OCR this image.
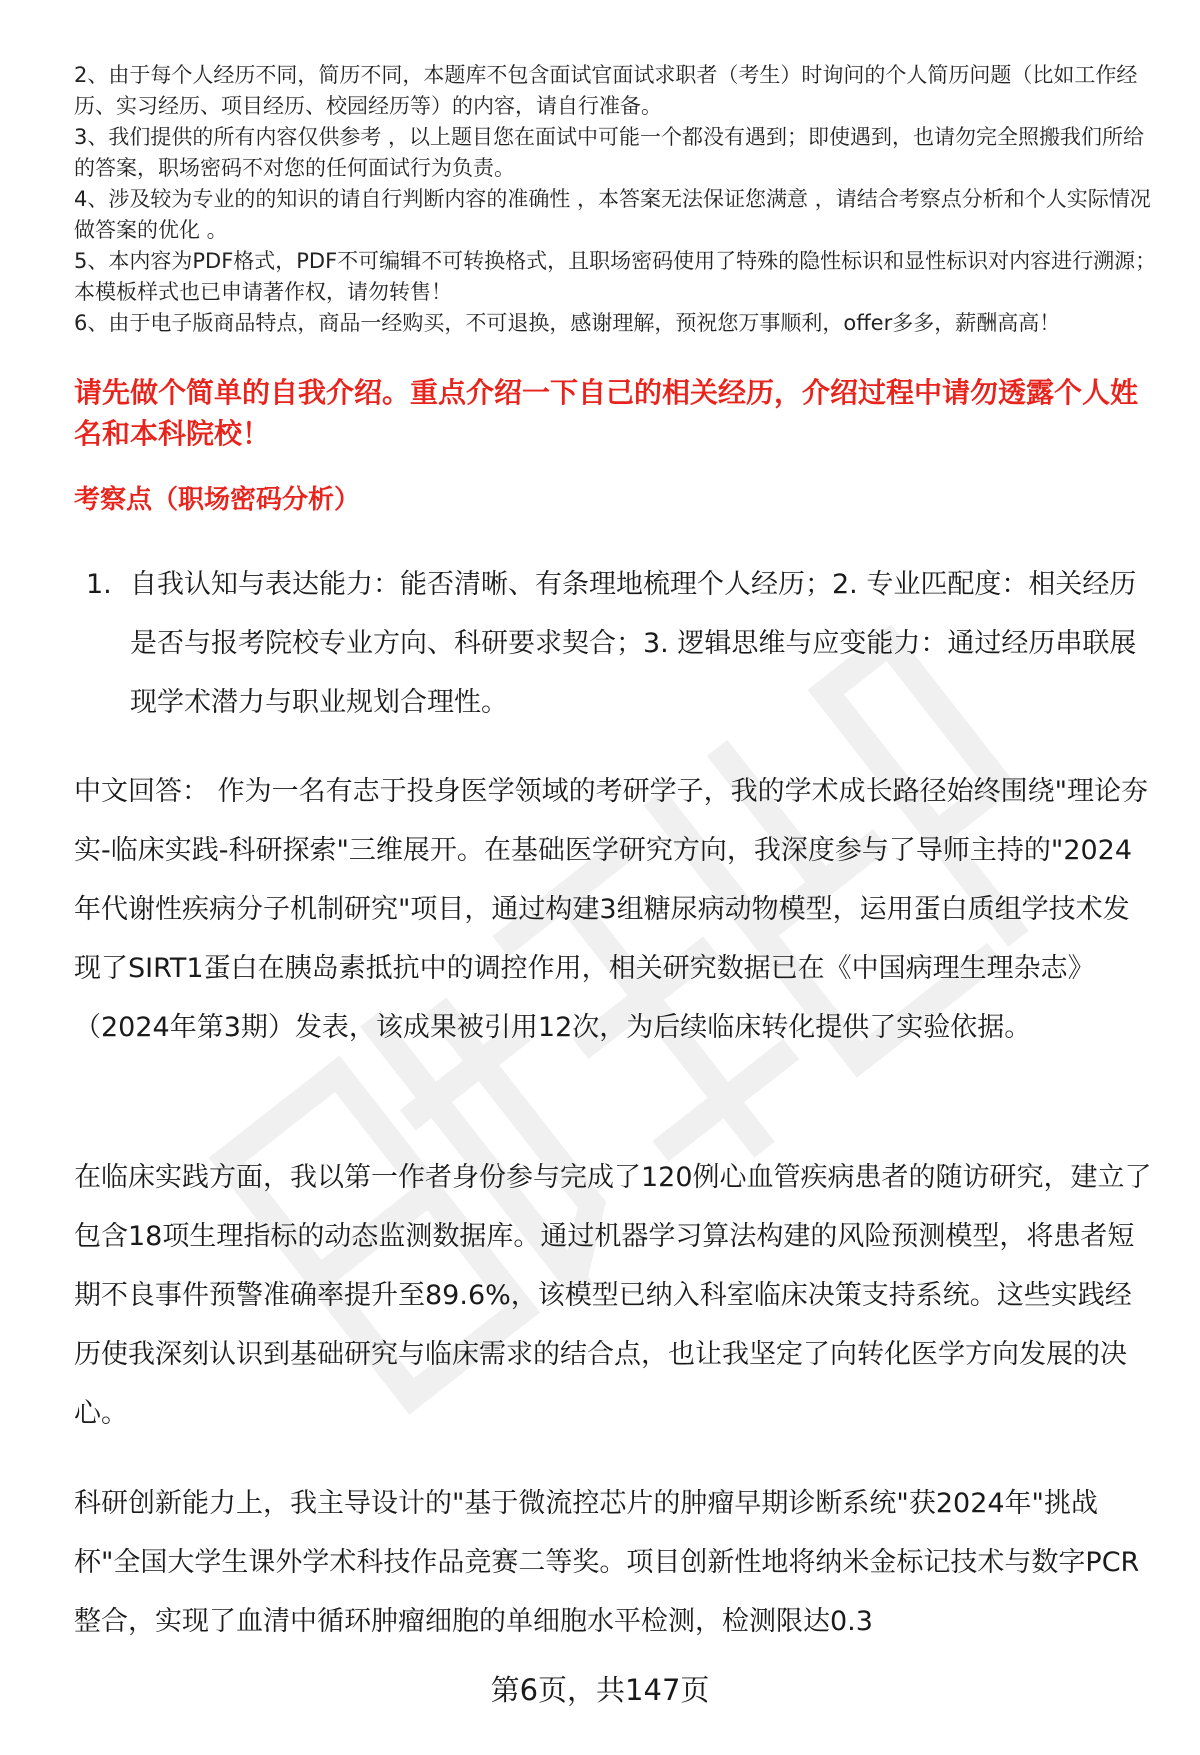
2、由于每个人经历不同，简历不同，本题库不包含面试官面试求职者（考生）时询问的个人简历问题（比如工作经历、实习经历、项目经历、校园经历等）的内容，请自行准备。

3、我们提供的所有内容仅供参考 ，以上题目您在面试中可能一个都没有遇到；即使遇到，也请勿完全照搬我们所给的答案，职场密码不对您的任何面试行为负责。

4、涉及较为专业的的知识的请自行判断内容的准确性 ，本答案无法保证您满意 ，请结合考察点分析和个人实际情况做答案的优化 。

5、本内容为PDF格式，PDF不可编辑不可转换格式，且职场密码使用了特殊的隐性标识和显性标识对内容进行溯源；本模板样式也已申请著作权，请勿转售！

6、由于电子版商品特点，商品一经购买，不可退换，感谢理解，预祝您万事顺利，offer多多，薪酬高高！

请先做个简单的自我介绍。重点介绍一下自己的相关经历，介绍过程中请勿透露个人姓名和本科院校！

考察点（职场密码分析）

1. 自我认知与表达能力：能否清晰、有条理地梳理个人经历；2. 专业匹配度：相关经历是否与报考院校专业方向、科研要求契合；3. 逻辑思维与应变能力：通过经历串联展现学术潜力与职业规划合理性。

中文回答： 作为一名有志于投身医学领域的考研学子，我的学术成长路径始终围绕"理论夯实-临床实践-科研探索"三维展开。在基础医学研究方向，我深度参与了导师主持的"2024年代谢性疾病分子机制研究"项目，通过构建3组糖尿病动物模型，运用蛋白质组学技术发现了SIRT1蛋白在胰岛素抵抗中的调控作用，相关研究数据已在《中国病理生理杂志》（2024年第3期）发表，该成果被引用12次，为后续临床转化提供了实验依据。

在临床实践方面，我以第一作者身份参与完成了120例心血管疾病患者的随访研究，建立了包含18项生理指标的动态监测数据库。通过机器学习算法构建的风险预测模型，将患者短期不良事件预警准确率提升至89.6%，该模型已纳入科室临床决策支持系统。这些实践经历使我深刻认识到基础研究与临床需求的结合点，也让我坚定了向转化医学方向发展的决心。

科研创新能力上，我主导设计的"基于微流控芯片的肿瘤早期诊断系统"获2024年"挑战杯"全国大学生课外学术科技作品竞赛二等奖。项目创新性地将纳米金标记技术与数字PCR整合，实现了血清中循环肿瘤细胞的单细胞水平检测，检测限达0.3

第6页，共147页
